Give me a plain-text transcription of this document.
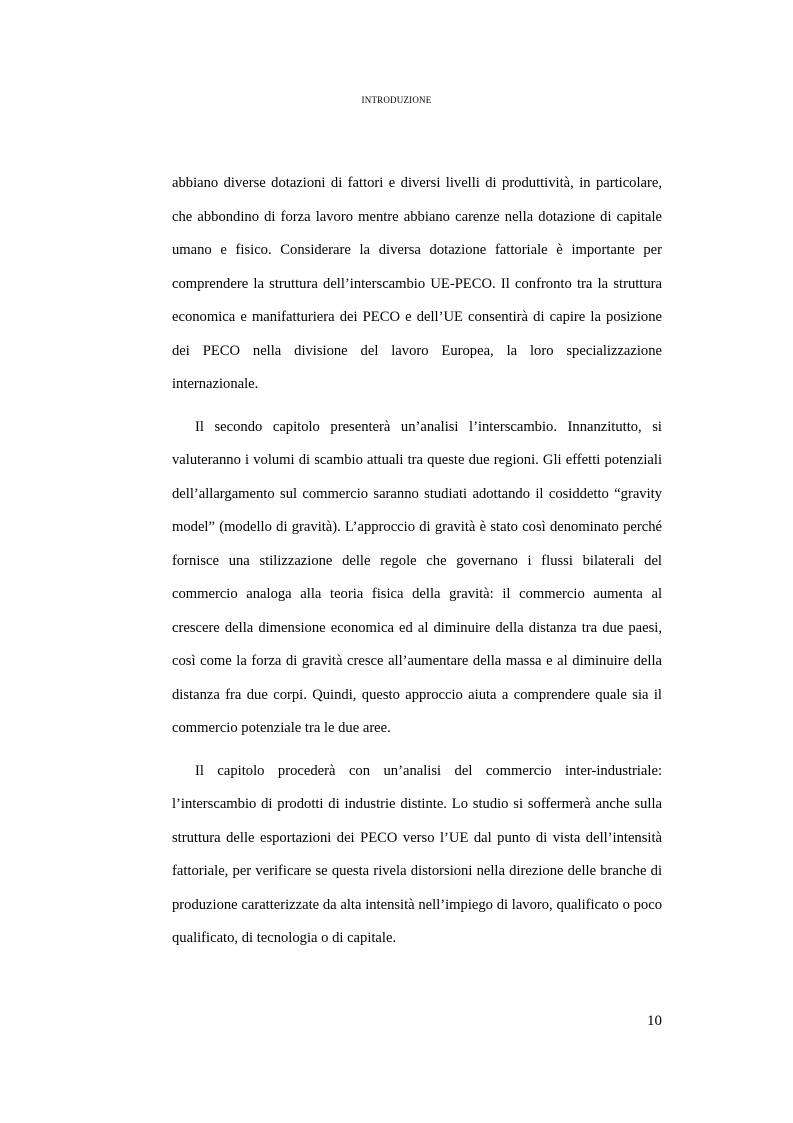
INTRODUZIONE

abbiano diverse dotazioni di fattori e diversi livelli di produttività, in particolare, che abbondino di forza lavoro mentre abbiano carenze nella dotazione di capitale umano e fisico. Considerare la diversa dotazione fattoriale è importante per comprendere la struttura dell’interscambio UE-PECO. Il confronto tra la struttura economica e manifatturiera dei PECO e dell’UE consentirà di capire la posizione dei PECO nella divisione del lavoro Europea, la loro specializzazione internazionale.

Il secondo capitolo presenterà un’analisi l’interscambio. Innanzitutto, si valuteranno i volumi di scambio attuali tra queste due regioni. Gli effetti potenziali dell’allargamento sul commercio saranno studiati adottando il cosiddetto “gravity model” (modello di gravità). L’approccio di gravità è stato così denominato perché fornisce una stilizzazione delle regole che governano i flussi bilaterali del commercio analoga alla teoria fisica della gravità: il commercio aumenta al crescere della dimensione economica ed al diminuire della distanza tra due paesi, così come la forza di gravità cresce all’aumentare della massa e al diminuire della distanza fra due corpi. Quindi, questo approccio aiuta a comprendere quale sia il commercio potenziale tra le due aree.

Il capitolo procederà con un’analisi del commercio inter-industriale: l’interscambio di prodotti di industrie distinte. Lo studio si soffermerà anche sulla struttura delle esportazioni dei PECO verso l’UE dal punto di vista dell’intensità fattoriale, per verificare se questa rivela distorsioni nella direzione delle branche di produzione caratterizzate da alta intensità nell’impiego di lavoro, qualificato o poco qualificato, di tecnologia o di capitale.

10
